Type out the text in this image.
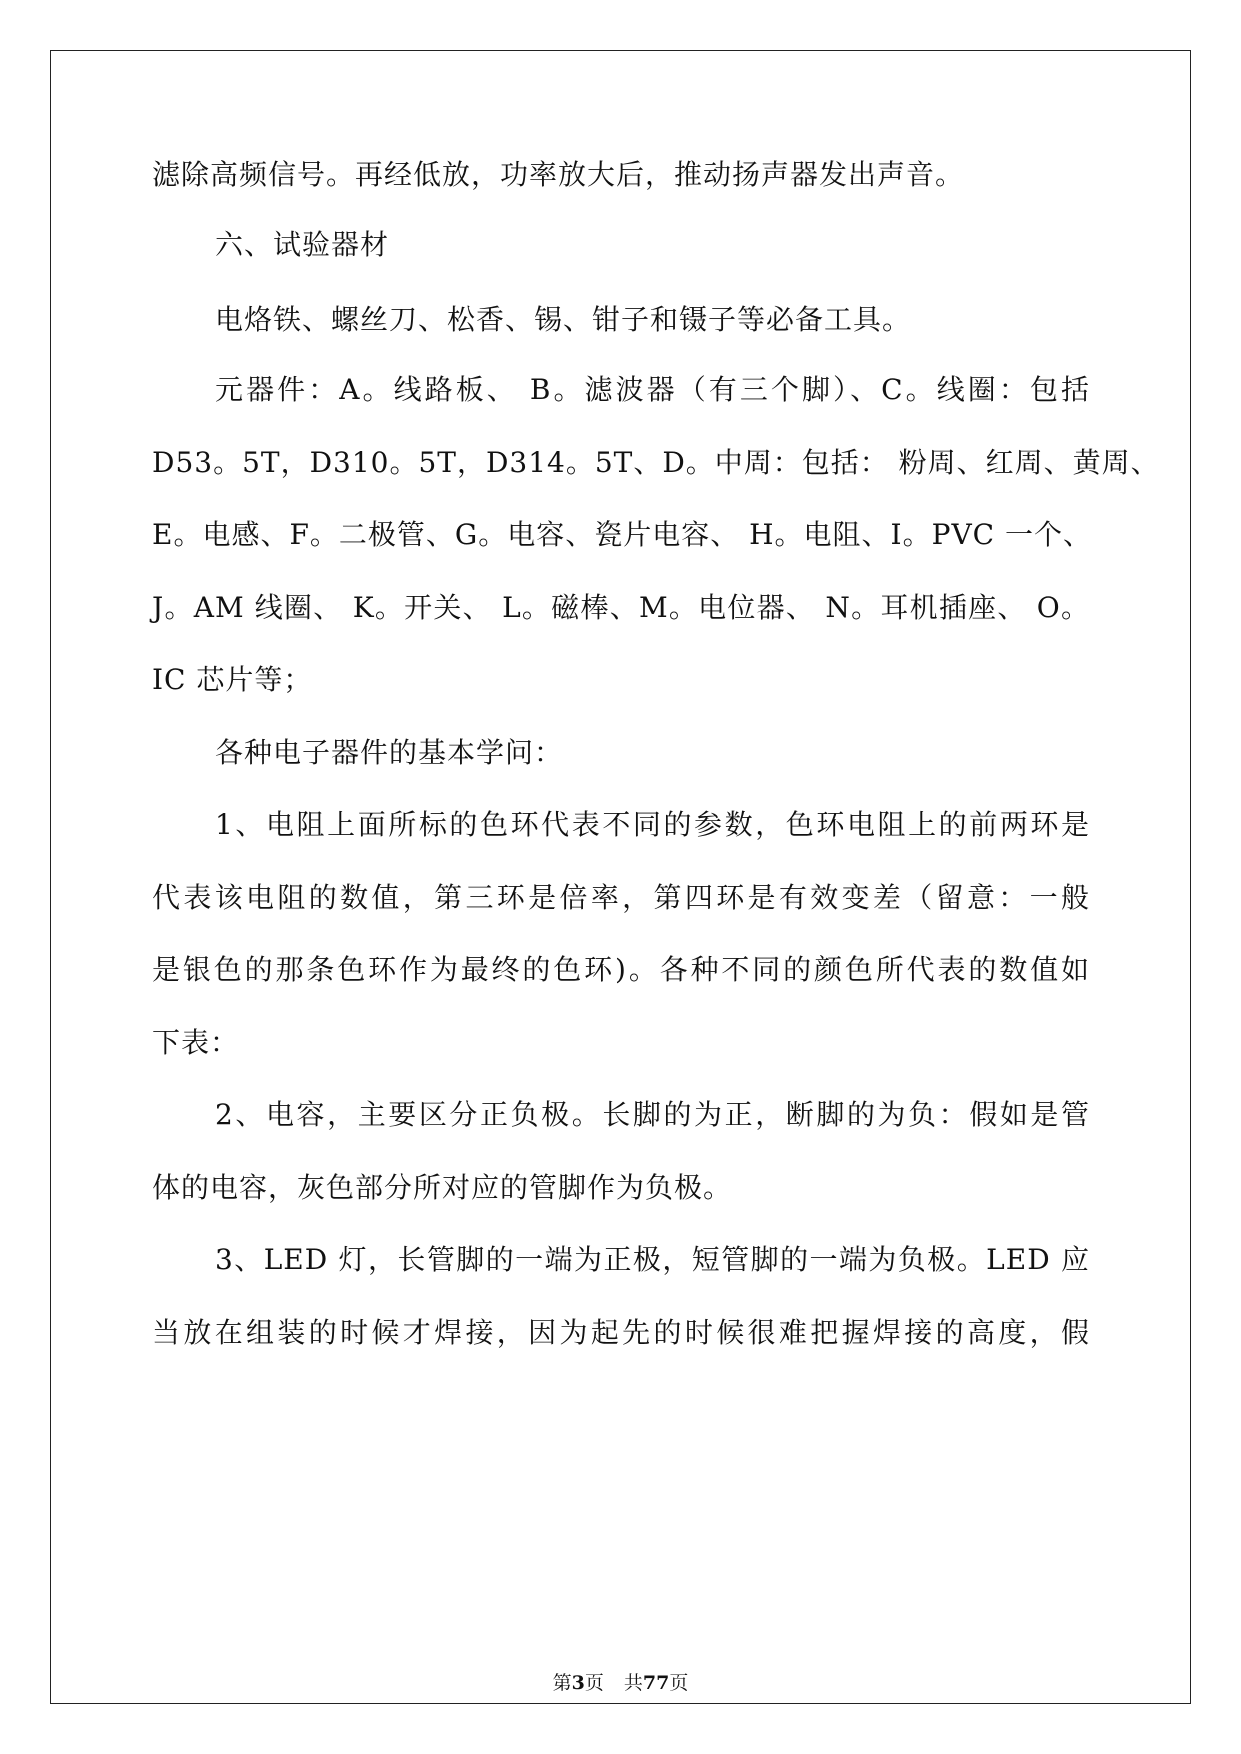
滤除高频信号。再经低放，功率放大后，推动扬声器发出声音。

六、试验器材

电烙铁、螺丝刀、松香、锡、钳子和镊子等必备工具。

元器件：A。线路板、 B。滤波器（有三个脚）、C。线圈：包括

D53。5T，D310。5T，D314。5T、D。中周：包括： 粉周、红周、黄周、

E。电感、F。二极管、G。电容、瓷片电容、 H。电阻、I。PVC 一个、

J。AM 线圈、 K。开关、 L。磁棒、M。电位器、 N。耳机插座、 O。

IC 芯片等；

各种电子器件的基本学问：

1、电阻上面所标的色环代表不同的参数，色环电阻上的前两环是

代表该电阻的数值，第三环是倍率，第四环是有效变差（留意：一般

是银色的那条色环作为最终的色环)。各种不同的颜色所代表的数值如

下表：

2、电容，主要区分正负极。长脚的为正，断脚的为负：假如是管

体的电容，灰色部分所对应的管脚作为负极。

3、LED 灯，长管脚的一端为正极，短管脚的一端为负极。LED 应

当放在组装的时候才焊接，因为起先的时候很难把握焊接的高度，假

第3页 共77页
